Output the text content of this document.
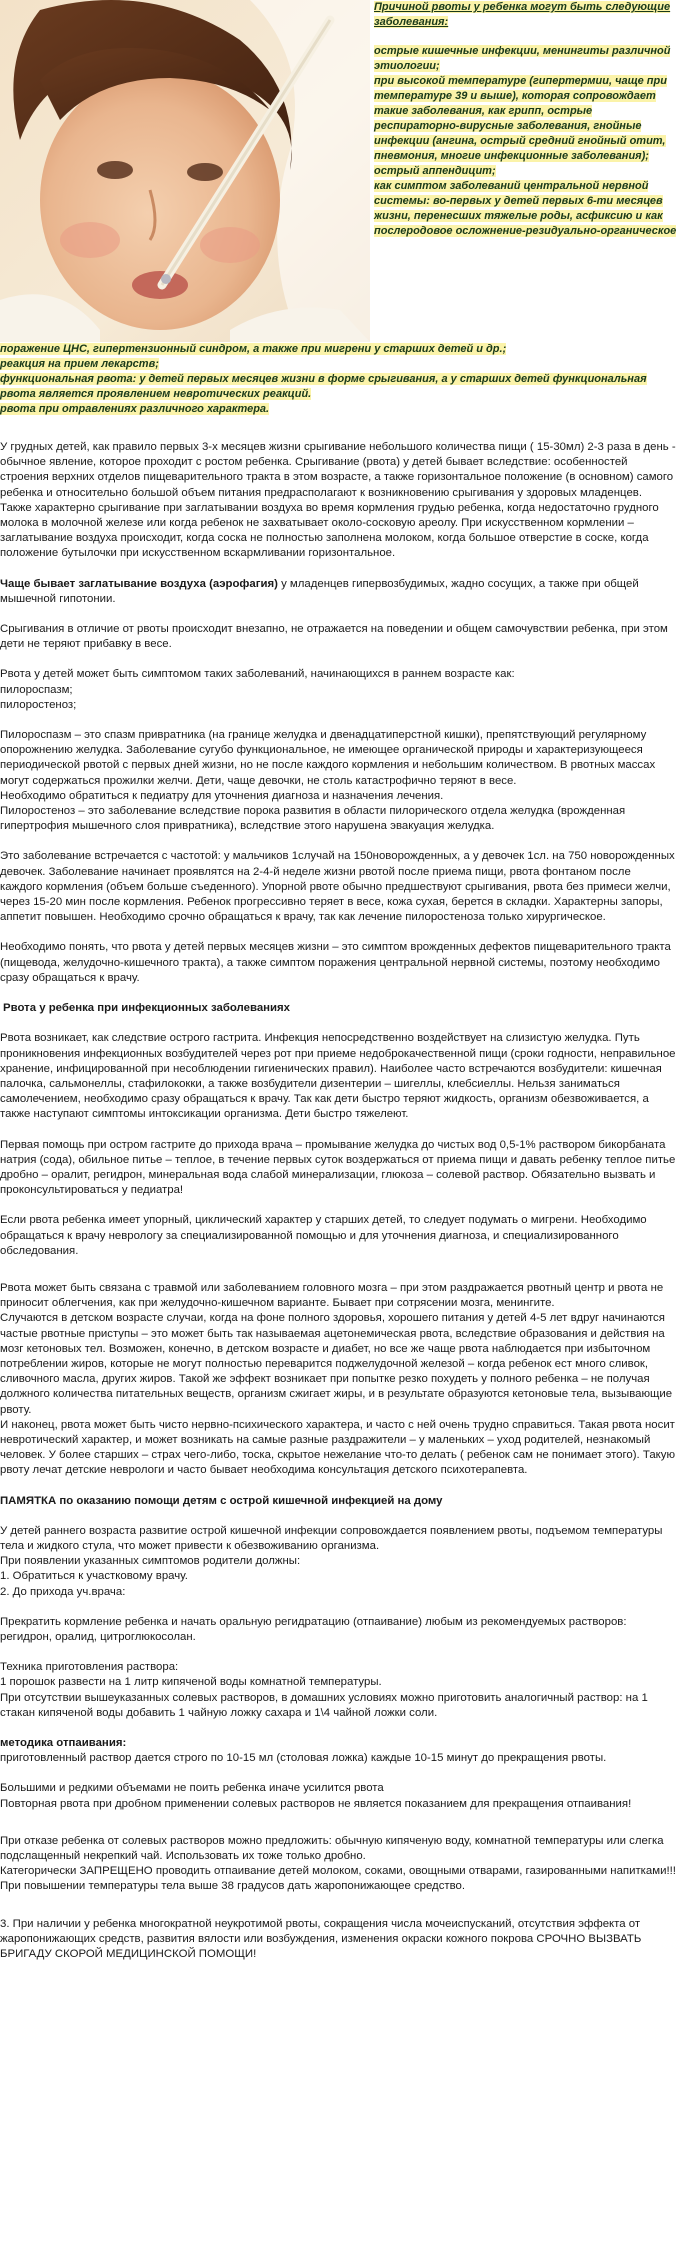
Причиной рвоты у ребенка могут быть следующие заболевания:

острые кишечные инфекции, менингиты различной этиологии;

при высокой температуре (гипертермии, чаще при температуре 39 и выше), которая сопровождает такие заболевания, как грипп, острые респираторно-вирусные заболевания, гнойные инфекции (ангина, острый средний гнойный отит, пневмония, многие инфекционные заболевания);

острый аппендицит;

как симптом заболеваний центральной нервной системы: во-первых у детей первых 6-ти месяцев жизни, перенесших тяжелые роды, асфиксию и как послеродовое осложнение-резидуально-органическое

поражение ЦНС, гипертензионный синдром, а также при мигрени у старших детей и др.;

реакция на прием лекарств;

функциональная рвота: у детей первых месяцев жизни в форме срыгивания, а у старших детей функциональная рвота является проявлением невротических реакций.

рвота при отравлениях различного характера.

У грудных детей, как правило первых 3-х месяцев жизни срыгивание небольшого количества пищи ( 15-30мл) 2-3 раза в день - обычное явление, которое проходит с ростом ребенка. Срыгивание (рвота) у детей бывает вследствие: особенностей строения верхних отделов пищеварительного тракта в этом возрасте, а также горизонтальное положение (в основном) самого ребенка и относительно большой объем питания предрасполагают к возникновению срыгивания у здоровых младенцев. Также характерно срыгивание при заглатывании воздуха во время кормления грудью ребенка, когда недостаточно грудного молока в молочной железе или когда ребенок не захватывает около-сосковую ареолу. При искусственном кормлении – заглатывание воздуха происходит, когда соска не полностью заполнена молоком, когда большое отверстие в соске, когда положение бутылочки при искусственном вскармливании горизонтальное.

Чаще бывает заглатывание воздуха (аэрофагия) у младенцев гипервозбудимых, жадно сосущих, а также при общей мышечной гипотонии.

Срыгивания в отличие от рвоты происходит внезапно, не отражается на поведении и общем самочувствии ребенка, при этом дети не теряют прибавку в весе.

Рвота у детей может быть симптомом таких заболеваний, начинающихся в раннем возрасте как:
пилороспазм;
пилоростеноз;

Пилороспазм – это спазм привратника (на границе желудка и двенадцатиперстной кишки), препятствующий регулярному опорожнению желудка. Заболевание сугубо функциональное, не имеющее органической природы и характеризующееся периодической рвотой с первых дней жизни, но не после каждого кормления и небольшим количеством. В рвотных массах могут содержаться прожилки желчи. Дети, чаще девочки, не столь катастрофично теряют в весе.
Необходимо обратиться к педиатру для уточнения диагноза и назначения лечения.
Пилоростеноз – это заболевание вследствие порока развития в области пилорического отдела желудка (врожденная гипертрофия мышечного слоя привратника), вследствие этого нарушена эвакуация желудка.

Это заболевание встречается с частотой: у мальчиков 1случай на 150новорожденных, а у девочек 1сл. на 750 новорожденных девочек. Заболевание начинает проявлятся на 2-4-й неделе жизни рвотой после приема пищи, рвота фонтаном после каждого кормления (объем больше съеденного). Упорной рвоте обычно предшествуют срыгивания, рвота без примеси желчи, через 15-20 мин после кормления. Ребенок прогрессивно теряет в весе, кожа сухая, берется в складки. Характерны запоры, аппетит повышен. Необходимо срочно обращаться к врачу, так как лечение пилоростеноза только хирургическое.

Необходимо понять, что рвота у детей первых месяцев жизни – это симптом врожденных дефектов пищеварительного тракта (пищевода, желудочно-кишечного тракта), а также симптом поражения центральной нервной системы, поэтому необходимо сразу обращаться к врачу.

Рвота у ребенка при инфекционных заболеваниях

Рвота возникает, как следствие острого гастрита. Инфекция непосредственно воздействует на слизистую желудка. Путь проникновения инфекционных возбудителей через рот при приеме недоброкачественной пищи (сроки годности, неправильное хранение, инфицированной при несоблюдении гигиенических правил). Наиболее часто встречаются возбудители: кишечная палочка, сальмонеллы, стафилококки, а также возбудители дизентерии – шигеллы, клебсиеллы. Нельзя заниматься самолечением, необходимо сразу обращаться к врачу. Так как дети быстро теряют жидкость, организм обезвоживается, а также наступают симптомы интоксикации организма. Дети быстро тяжелеют.

Первая помощь при остром гастрите до прихода врача – промывание желудка до чистых вод 0,5-1% раствором бикорбаната натрия (сода), обильное питье – теплое, в течение первых суток воздержаться от приема пищи и давать ребенку теплое питье дробно – оралит, регидрон, минеральная вода слабой минерализации, глюкоза – солевой раствор. Обязательно вызвать и проконсультироваться у педиатра!

Если рвота ребенка имеет упорный, циклический характер у старших детей, то следует подумать о мигрени. Необходимо обращаться к врачу неврологу за специализированной помощью и для уточнения диагноза, и специализированного обследования.

Рвота может быть связана с травмой или заболеванием головного мозга – при этом раздражается рвотный центр и рвота не приносит облегчения, как при желудочно-кишечном варианте. Бывает при сотрясении мозга, менингите.

Случаются в детском возрасте случаи, когда на фоне полного здоровья, хорошего питания у детей 4-5 лет вдруг начинаются частые рвотные приступы – это может быть так называемая ацетонемическая рвота, вследствие образования и действия на мозг кетоновых тел. Возможен, конечно, в детском возрасте и диабет, но все же чаще рвота наблюдается при избыточном потреблении жиров, которые не могут полностью переварится поджелудочной железой – когда ребенок ест много сливок, сливочного масла, других жиров. Такой же эффект возникает при попытке резко похудеть у полного ребенка – не получая должного количества питательных веществ, организм сжигает жиры, и в результате образуются кетоновые тела, вызывающие рвоту.
И наконец, рвота может быть чисто нервно-психического характера, и часто с ней очень трудно справиться. Такая рвота носит невротический характер, и может возникать на самые разные раздражители – у маленьких – уход родителей, незнакомый человек. У более старших – страх чего-либо, тоска, скрытое нежелание что-то делать ( ребенок сам не понимает этого). Такую рвоту лечат детские неврологи и часто бывает необходима консультация детского психотерапевта.

ПАМЯТКА по оказанию помощи детям с острой кишечной инфекцией на дому

У детей раннего возраста развитие острой кишечной инфекции сопровождается появлением рвоты, подъемом температуры тела и жидкого стула, что может привести к обезвоживанию организма.
При появлении указанных симптомов родители должны:
1. Обратиться к участковому врачу.
2. До прихода уч.врача:

Прекратить кормление ребенка и начать оральную регидратацию (отпаивание) любым из рекомендуемых растворов: регидрон, оралид, цитроглюкосолан.

Техника приготовления раствора:
1 порошок развести на 1 литр кипяченой воды комнатной температуры.
При отсутствии вышеуказанных солевых растворов, в домашних условиях можно приготовить аналогичный раствор: на 1 стакан кипяченой воды добавить 1 чайную ложку сахара и 1\4 чайной ложки соли.

методика отпаивания:
приготовленный раствор дается строго по 10-15 мл (столовая ложка) каждые 10-15 минут до прекращения рвоты.

Большими и редкими объемами не поить ребенка иначе усилится рвота
Повторная рвота при дробном применении солевых растворов не является показанием для прекращения отпаивания!

При отказе ребенка от солевых растворов можно предложить: обычную кипяченую воду, комнатной температуры или слегка подслащенный некрепкий чай. Использовать их тоже только дробно.
Категорически ЗАПРЕЩЕНО проводить отпаивание детей молоком, соками, овощными отварами, газированными напитками!!!
При повышении температуры тела выше 38 градусов дать жаропонижающее средство.

3. При наличии у ребенка многократной неукротимой рвоты, сокращения числа мочеиспусканий, отсутствия эффекта от жаропонижающих средств, развития вялости или возбуждения, изменения окраски кожного покрова СРОЧНО ВЫЗВАТЬ БРИГАДУ СКОРОЙ МЕДИЦИНСКОЙ ПОМОЩИ!
